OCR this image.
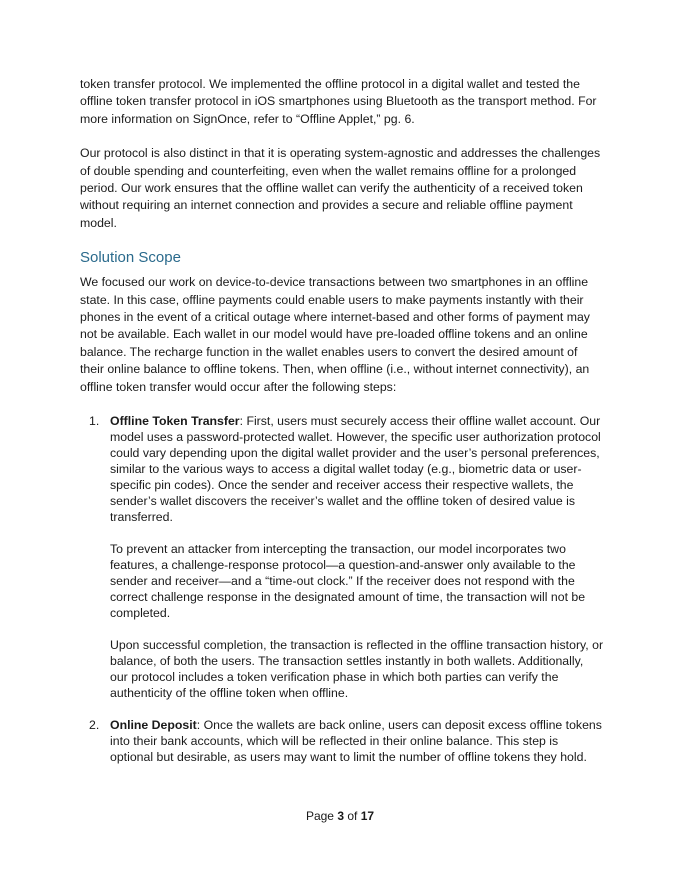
token transfer protocol. We implemented the offline protocol in a digital wallet and tested the offline token transfer protocol in iOS smartphones using Bluetooth as the transport method. For more information on SignOnce, refer to “Offline Applet,” pg. 6.

Our protocol is also distinct in that it is operating system-agnostic and addresses the challenges of double spending and counterfeiting, even when the wallet remains offline for a prolonged period. Our work ensures that the offline wallet can verify the authenticity of a received token without requiring an internet connection and provides a secure and reliable offline payment model.

Solution Scope

We focused our work on device-to-device transactions between two smartphones in an offline state. In this case, offline payments could enable users to make payments instantly with their phones in the event of a critical outage where internet-based and other forms of payment may not be available. Each wallet in our model would have pre-loaded offline tokens and an online balance. The recharge function in the wallet enables users to convert the desired amount of their online balance to offline tokens. Then, when offline (i.e., without internet connectivity), an offline token transfer would occur after the following steps:

1. Offline Token Transfer: First, users must securely access their offline wallet account. Our model uses a password-protected wallet. However, the specific user authorization protocol could vary depending upon the digital wallet provider and the user’s personal preferences, similar to the various ways to access a digital wallet today (e.g., biometric data or user-specific pin codes). Once the sender and receiver access their respective wallets, the sender’s wallet discovers the receiver’s wallet and the offline token of desired value is transferred.

To prevent an attacker from intercepting the transaction, our model incorporates two features, a challenge-response protocol—a question-and-answer only available to the sender and receiver—and a “time-out clock.” If the receiver does not respond with the correct challenge response in the designated amount of time, the transaction will not be completed.

Upon successful completion, the transaction is reflected in the offline transaction history, or balance, of both the users. The transaction settles instantly in both wallets. Additionally, our protocol includes a token verification phase in which both parties can verify the authenticity of the offline token when offline.

2. Online Deposit: Once the wallets are back online, users can deposit excess offline tokens into their bank accounts, which will be reflected in their online balance. This step is optional but desirable, as users may want to limit the number of offline tokens they hold.

Page 3 of 17
